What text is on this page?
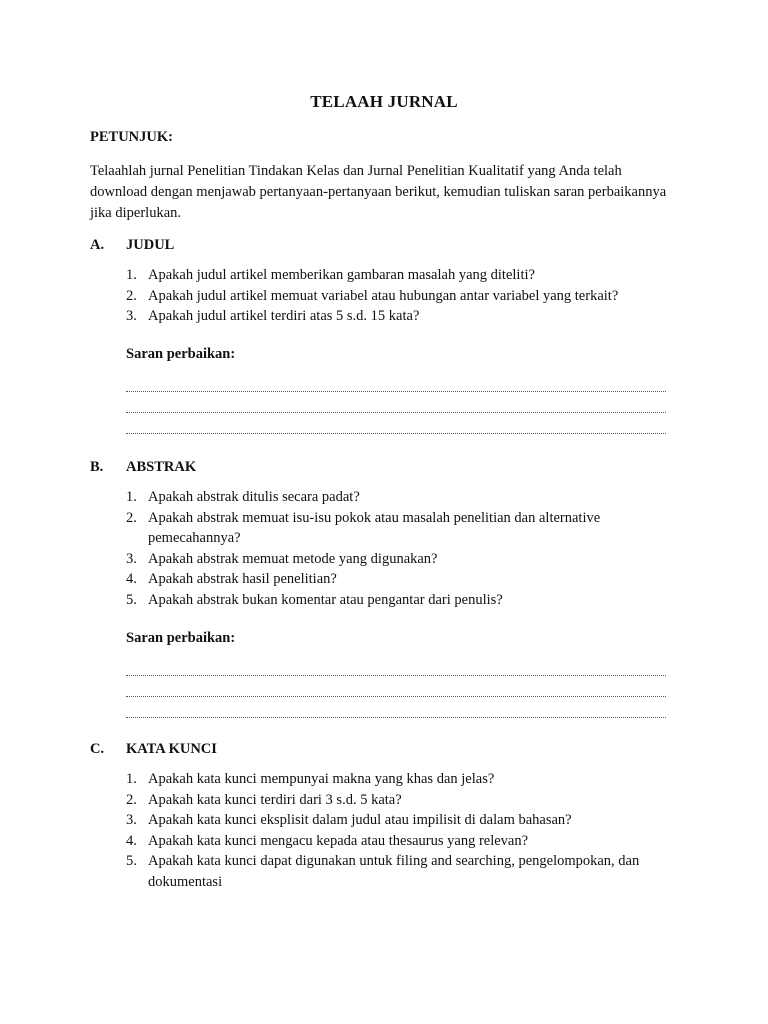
TELAAH JURNAL
PETUNJUK:
Telaahlah jurnal Penelitian Tindakan Kelas dan Jurnal Penelitian Kualitatif yang Anda telah download dengan menjawab pertanyaan-pertanyaan berikut, kemudian tuliskan saran perbaikannya jika diperlukan.
A. JUDUL
1. Apakah judul artikel memberikan gambaran masalah yang diteliti?
2. Apakah judul artikel memuat variabel atau hubungan antar variabel yang terkait?
3. Apakah judul artikel terdiri atas 5 s.d. 15 kata?
Saran perbaikan:
B. ABSTRAK
1. Apakah abstrak ditulis secara padat?
2. Apakah abstrak memuat isu-isu pokok atau masalah penelitian dan alternative pemecahannya?
3. Apakah abstrak memuat metode yang digunakan?
4. Apakah abstrak hasil penelitian?
5. Apakah abstrak bukan komentar atau pengantar dari penulis?
Saran perbaikan:
C. KATA KUNCI
1. Apakah kata kunci mempunyai makna yang khas dan jelas?
2. Apakah kata kunci terdiri dari 3 s.d. 5 kata?
3. Apakah kata kunci eksplisit dalam judul atau impilisit di dalam bahasan?
4. Apakah kata kunci mengacu kepada atau thesaurus yang relevan?
5. Apakah kata kunci dapat digunakan untuk filing and searching, pengelompokan, dan dokumentasi
